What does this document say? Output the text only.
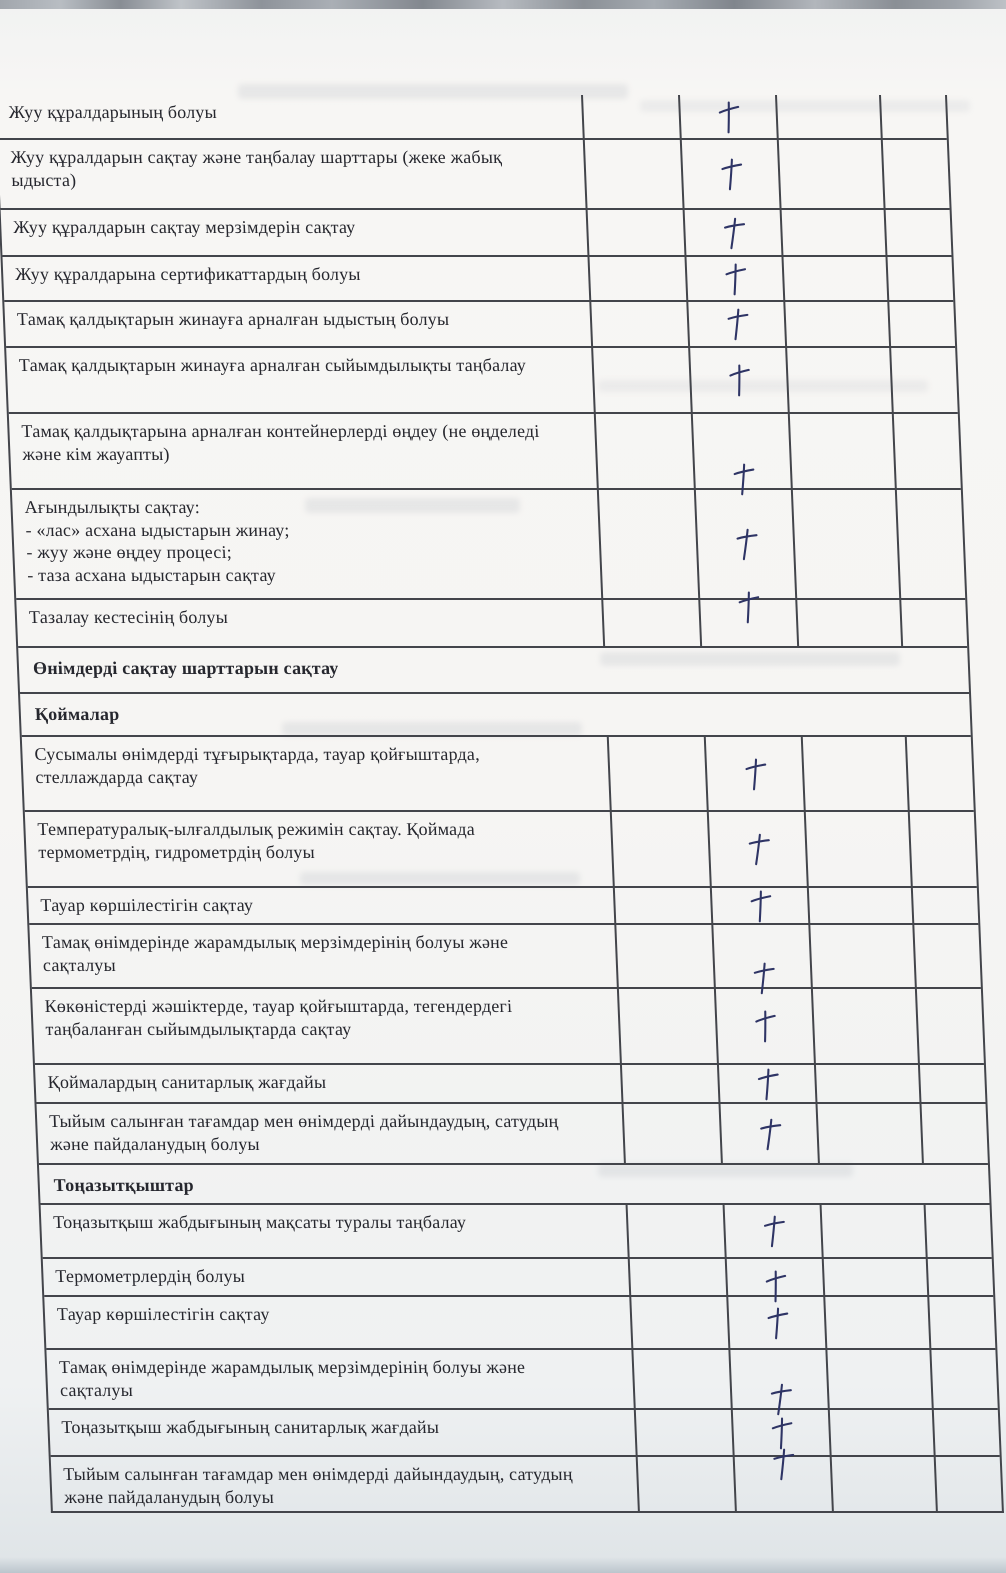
Жуу құралдарының болуы
Жуу құралдарын сақтау және таңбалау шарттары (жеке жабық ыдыста)
Жуу құралдарын сақтау мерзімдерін сақтау
Жуу құралдарына сертификаттардың болуы
Тамақ қалдықтарын жинауға арналған ыдыстың болуы
Тамақ қалдықтарын жинауға арналған сыйымдылықты таңбалау
Тамақ қалдықтарына арналған контейнерлерді өңдеу (не өңделеді және кім жауапты)
Ағындылықты сақтау:
- «лас» асхана ыдыстарын жинау;
- жуу және өңдеу процесі;
- таза асхана ыдыстарын сақтау
Тазалау кестесінің болуы
Өнімдерді сақтау шарттарын сақтау
Қоймалар
Сусымалы өнімдерді тұғырықтарда, тауар қойғыштарда, стеллаждарда сақтау
Температуралық-ылғалдылық режимін сақтау. Қоймада термометрдің, гидрометрдің болуы
Тауар көршілестігін сақтау
Тамақ өнімдерінде жарамдылық мерзімдерінің болуы және сақталуы
Көкөністерді жәшіктерде, тауар қойғыштарда, тегендердегі таңбаланған сыйымдылықтарда сақтау
Қоймалардың санитарлық жағдайы
Тыйым салынған тағамдар мен өнімдерді дайындаудың, сатудың және пайдаланудың болуы
Тоңазытқыштар
Тоңазытқыш жабдығының мақсаты туралы таңбалау
Термометрлердің болуы
Тауар көршілестігін сақтау
Тамақ өнімдерінде жарамдылық мерзімдерінің болуы және сақталуы
Тоңазытқыш жабдығының санитарлық жағдайы
Тыйым салынған тағамдар мен өнімдерді дайындаудың, сатудың және пайдаланудың болуы
